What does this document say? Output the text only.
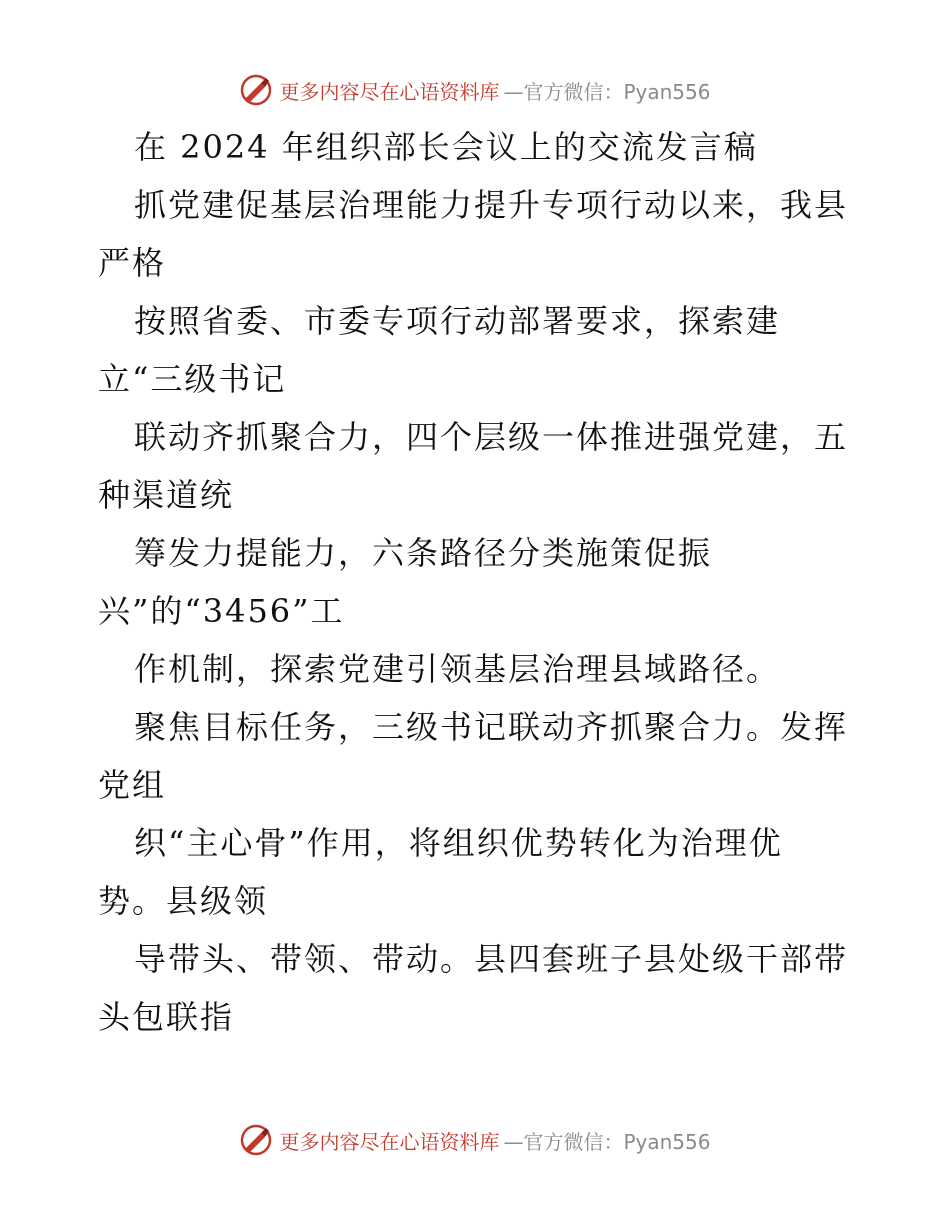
更多内容尽在心语资料库 —官方微信：Pyan556
在 2024 年组织部长会议上的交流发言稿
抓党建促基层治理能力提升专项行动以来，我县
严格
按照省委、市委专项行动部署要求，探索建
立“三级书记
联动齐抓聚合力，四个层级一体推进强党建，五
种渠道统
筹发力提能力，六条路径分类施策促振
兴”的“3456”工
作机制，探索党建引领基层治理县域路径。
聚焦目标任务，三级书记联动齐抓聚合力。发挥
党组
织“主心骨”作用，将组织优势转化为治理优
势。县级领
导带头、带领、带动。县四套班子县处级干部带
头包联指
更多内容尽在心语资料库 —官方微信：Pyan556
